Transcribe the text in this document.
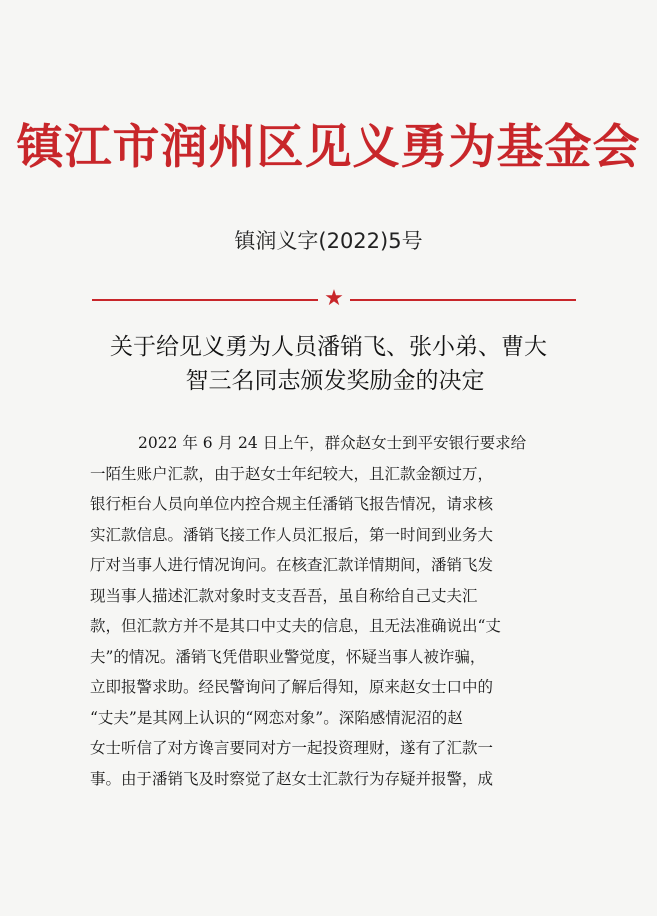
镇江市润州区见义勇为基金会
镇润义字(2022)5号
★
关于给见义勇为人员潘销飞、张小弟、曹大
智三名同志颁发奖励金的决定
2022 年 6 月 24 日上午，群众赵女士到平安银行要求给
一陌生账户汇款，由于赵女士年纪较大，且汇款金额过万，
银行柜台人员向单位内控合规主任潘销飞报告情况，请求核
实汇款信息。潘销飞接工作人员汇报后，第一时间到业务大
厅对当事人进行情况询问。在核查汇款详情期间，潘销飞发
现当事人描述汇款对象时支支吾吾，虽自称给自己丈夫汇
款，但汇款方并不是其口中丈夫的信息，且无法准确说出“丈
夫”的情况。潘销飞凭借职业警觉度，怀疑当事人被诈骗，
立即报警求助。经民警询问了解后得知，原来赵女士口中的
“丈夫”是其网上认识的“网恋对象”。深陷感情泥沼的赵
女士听信了对方谗言要同对方一起投资理财，遂有了汇款一
事。由于潘销飞及时察觉了赵女士汇款行为存疑并报警，成
